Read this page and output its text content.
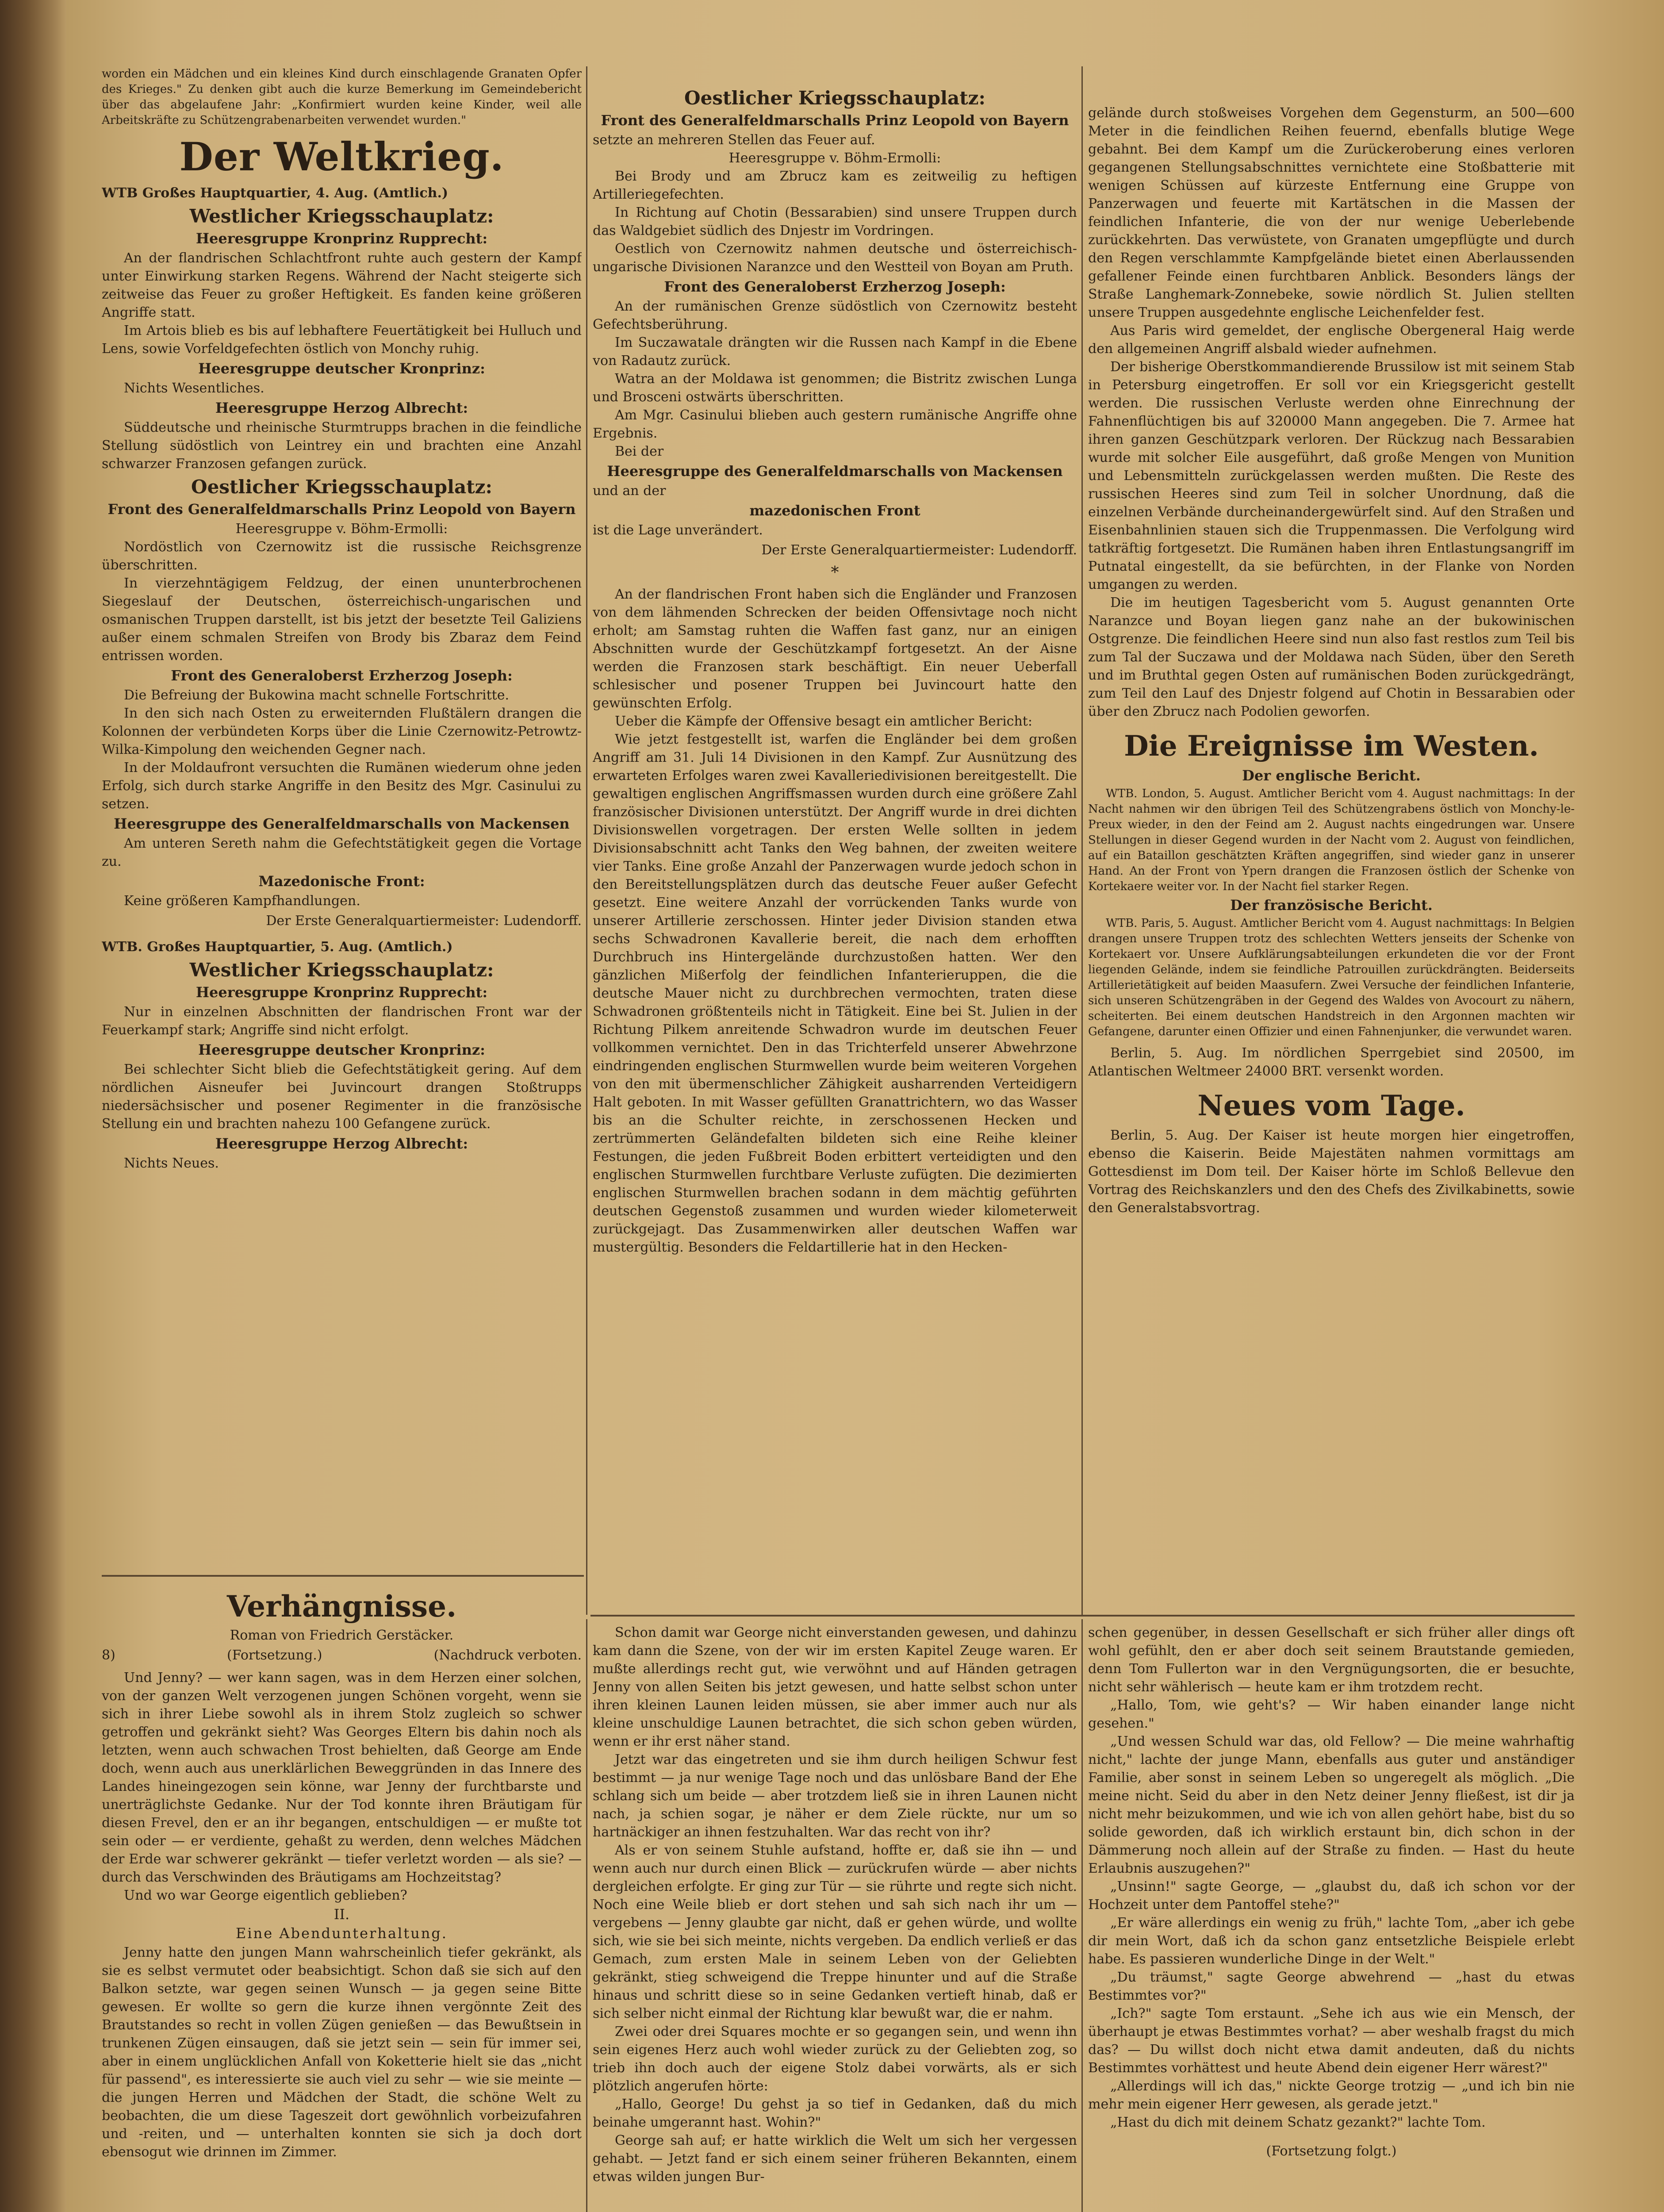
worden ein Mädchen und ein kleines Kind durch einschlagende Granaten Opfer des Krieges." Zu denken gibt auch die kurze Bemerkung im Gemeindebericht über das abgelaufene Jahr: „Konfirmiert wurden keine Kinder, weil alle Arbeitskräfte zu Schützengrabenarbeiten verwendet wurden."
Der Weltkrieg.
WTB Großes Hauptquartier, 4. Aug. (Amtlich.)
Westlicher Kriegsschauplatz:
Heeresgruppe Kronprinz Rupprecht:

An der flandrischen Schlachtfront ruhte auch gestern der Kampf unter Einwirkung starken Regens. Während der Nacht steigerte sich zeitweise das Feuer zu großer Heftigkeit. Es fanden keine größeren Angriffe statt.

Im Artois blieb es bis auf lebhaftere Feuertätigkeit bei Hulluch und Lens, sowie Vorfeldgefechten östlich von Monchy ruhig.

Heeresgruppe deutscher Kronprinz:

Nichts Wesentliches.

Heeresgruppe Herzog Albrecht:

Süddeutsche und rheinische Sturmtrupps brachen in die feindliche Stellung südöstlich von Leintrey ein und brachten eine Anzahl schwarzer Franzosen gefangen zurück.

Oestlicher Kriegsschauplatz:
Front des Generalfeldmarschalls Prinz Leopold von Bayern
Heeresgruppe v. Böhm-Ermolli:

Nordöstlich von Czernowitz ist die russische Reichsgrenze überschritten.

In vierzehntägigem Feldzug, der einen ununterbrochenen Siegeslauf der Deutschen, österreichisch-ungarischen und osmanischen Truppen darstellt, ist bis jetzt der besetzte Teil Galiziens außer einem schmalen Streifen von Brody bis Zbaraz dem Feind entrissen worden.

Front des Generaloberst Erzherzog Joseph:

Die Befreiung der Bukowina macht schnelle Fortschritte.

In den sich nach Osten zu erweiternden Flußtälern drangen die Kolonnen der verbündeten Korps über die Linie Czernowitz-Petrowtz-Wilka-Kimpolung den weichenden Gegner nach.

In der Moldaufront versuchten die Rumänen wiederum ohne jeden Erfolg, sich durch starke Angriffe in den Besitz des Mgr. Casinului zu setzen.

Heeresgruppe des Generalfeldmarschalls von Mackensen

Am unteren Sereth nahm die Gefechtstätigkeit gegen die Vortage zu.

Mazedonische Front:

Keine größeren Kampfhandlungen.

Der Erste Generalquartiermeister: Ludendorff.
WTB. Großes Hauptquartier, 5. Aug. (Amtlich.)
Westlicher Kriegsschauplatz:
Heeresgruppe Kronprinz Rupprecht:

Nur in einzelnen Abschnitten der flandrischen Front war der Feuerkampf stark; Angriffe sind nicht erfolgt.

Heeresgruppe deutscher Kronprinz:

Bei schlechter Sicht blieb die Gefechtstätigkeit gering. Auf dem nördlichen Aisneufer bei Juvincourt drangen Stoßtrupps niedersächsischer und posener Regimenter in die französische Stellung ein und brachten nahezu 100 Gefangene zurück.

Heeresgruppe Herzog Albrecht:

Nichts Neues.

Oestlicher Kriegsschauplatz:
Front des Generalfeldmarschalls Prinz Leopold von Bayern

setzte an mehreren Stellen das Feuer auf.

Heeresgruppe v. Böhm-Ermolli:

Bei Brody und am Zbrucz kam es zeitweilig zu heftigen Artilleriegefechten.

In Richtung auf Chotin (Bessarabien) sind unsere Truppen durch das Waldgebiet südlich des Dnjestr im Vordringen.

Oestlich von Czernowitz nahmen deutsche und österreichisch-ungarische Divisionen Naranzce und den Westteil von Boyan am Pruth.

Front des Generaloberst Erzherzog Joseph:

An der rumänischen Grenze südöstlich von Czernowitz besteht Gefechtsberührung.

Im Suczawatale drängten wir die Russen nach Kampf in die Ebene von Radautz zurück.

Watra an der Moldawa ist genommen; die Bistritz zwischen Lunga und Brosceni ostwärts überschritten.

Am Mgr. Casinului blieben auch gestern rumänische Angriffe ohne Ergebnis.

Bei der

Heeresgruppe des Generalfeldmarschalls von Mackensen

und an der

mazedonischen Front

ist die Lage unverändert.

Der Erste Generalquartiermeister: Ludendorff.
*

An der flandrischen Front haben sich die Engländer und Franzosen von dem lähmenden Schrecken der beiden Offensivtage noch nicht erholt; am Samstag ruhten die Waffen fast ganz, nur an einigen Abschnitten wurde der Geschützkampf fortgesetzt. An der Aisne werden die Franzosen stark beschäftigt. Ein neuer Ueberfall schlesischer und posener Truppen bei Juvincourt hatte den gewünschten Erfolg.

Ueber die Kämpfe der Offensive besagt ein amtlicher Bericht:

Wie jetzt festgestellt ist, warfen die Engländer bei dem großen Angriff am 31. Juli 14 Divisionen in den Kampf. Zur Ausnützung des erwarteten Erfolges waren zwei Kavalleriedivisionen bereitgestellt. Die gewaltigen englischen Angriffsmassen wurden durch eine größere Zahl französischer Divisionen unterstützt. Der Angriff wurde in drei dichten Divisionswellen vorgetragen. Der ersten Welle sollten in jedem Divisionsabschnitt acht Tanks den Weg bahnen, der zweiten weitere vier Tanks. Eine große Anzahl der Panzerwagen wurde jedoch schon in den Bereitstellungsplätzen durch das deutsche Feuer außer Gefecht gesetzt. Eine weitere Anzahl der vorrückenden Tanks wurde von unserer Artillerie zerschossen. Hinter jeder Division standen etwa sechs Schwadronen Kavallerie bereit, die nach dem erhofften Durchbruch ins Hintergelände durchzustoßen hatten. Wer den gänzlichen Mißerfolg der feindlichen Infanterieruppen, die die deutsche Mauer nicht zu durchbrechen vermochten, traten diese Schwadronen größtenteils nicht in Tätigkeit. Eine bei St. Julien in der Richtung Pilkem anreitende Schwadron wurde im deutschen Feuer vollkommen vernichtet. Den in das Trichterfeld unserer Abwehrzone eindringenden englischen Sturmwellen wurde beim weiteren Vorgehen von den mit übermenschlicher Zähigkeit ausharrenden Verteidigern Halt geboten. In mit Wasser gefüllten Granattrichtern, wo das Wasser bis an die Schulter reichte, in zerschossenen Hecken und zertrümmerten Geländefalten bildeten sich eine Reihe kleiner Festungen, die jeden Fußbreit Boden erbittert verteidigten und den englischen Sturmwellen furchtbare Verluste zufügten. Die dezimierten englischen Sturmwellen brachen sodann in dem mächtig geführten deutschen Gegenstoß zusammen und wurden wieder kilometerweit zurückgejagt. Das Zusammenwirken aller deutschen Waffen war mustergültig. Besonders die Feldartillerie hat in den Hecken-

gelände durch stoßweises Vorgehen dem Gegensturm, an 500—600 Meter in die feindlichen Reihen feuernd, ebenfalls blutige Wege gebahnt. Bei dem Kampf um die Zurückeroberung eines verloren gegangenen Stellungsabschnittes vernichtete eine Stoßbatterie mit wenigen Schüssen auf kürzeste Entfernung eine Gruppe von Panzerwagen und feuerte mit Kartätschen in die Massen der feindlichen Infanterie, die von der nur wenige Ueberlebende zurückkehrten. Das verwüstete, von Granaten umgepflügte und durch den Regen verschlammte Kampfgelände bietet einen Aberlaussenden gefallener Feinde einen furchtbaren Anblick. Besonders längs der Straße Langhemark-Zonnebeke, sowie nördlich St. Julien stellten unsere Truppen ausgedehnte englische Leichenfelder fest.

Aus Paris wird gemeldet, der englische Obergeneral Haig werde den allgemeinen Angriff alsbald wieder aufnehmen.

Der bisherige Oberstkommandierende Brussilow ist mit seinem Stab in Petersburg eingetroffen. Er soll vor ein Kriegsgericht gestellt werden. Die russischen Verluste werden ohne Einrechnung der Fahnenflüchtigen bis auf 320000 Mann angegeben. Die 7. Armee hat ihren ganzen Geschützpark verloren. Der Rückzug nach Bessarabien wurde mit solcher Eile ausgeführt, daß große Mengen von Munition und Lebensmitteln zurückgelassen werden mußten. Die Reste des russischen Heeres sind zum Teil in solcher Unordnung, daß die einzelnen Verbände durcheinandergewürfelt sind. Auf den Straßen und Eisenbahnlinien stauen sich die Truppenmassen. Die Verfolgung wird tatkräftig fortgesetzt. Die Rumänen haben ihren Entlastungsangriff im Putnatal eingestellt, da sie befürchten, in der Flanke von Norden umgangen zu werden.

Die im heutigen Tagesbericht vom 5. August genannten Orte Naranzce und Boyan liegen ganz nahe an der bukowinischen Ostgrenze. Die feindlichen Heere sind nun also fast restlos zum Teil bis zum Tal der Suczawa und der Moldawa nach Süden, über den Sereth und im Bruthtal gegen Osten auf rumänischen Boden zurückgedrängt, zum Teil den Lauf des Dnjestr folgend auf Chotin in Bessarabien oder über den Zbrucz nach Podolien geworfen.

Die Ereignisse im Westen.
Der englische Bericht.

WTB. London, 5. August. Amtlicher Bericht vom 4. August nachmittags: In der Nacht nahmen wir den übrigen Teil des Schützengrabens östlich von Monchy-le-Preux wieder, in den der Feind am 2. August nachts eingedrungen war. Unsere Stellungen in dieser Gegend wurden in der Nacht vom 2. August von feindlichen, auf ein Bataillon geschätzten Kräften angegriffen, sind wieder ganz in unserer Hand. An der Front von Ypern drangen die Franzosen östlich der Schenke von Kortekaere weiter vor. In der Nacht fiel starker Regen.

Der französische Bericht.

WTB. Paris, 5. August. Amtlicher Bericht vom 4. August nachmittags: In Belgien drangen unsere Truppen trotz des schlechten Wetters jenseits der Schenke von Kortekaert vor. Unsere Aufklärungsabteilungen erkundeten die vor der Front liegenden Gelände, indem sie feindliche Patrouillen zurückdrängten. Beiderseits Artillerietätigkeit auf beiden Maasufern. Zwei Versuche der feindlichen Infanterie, sich unseren Schützengräben in der Gegend des Waldes von Avocourt zu nähern, scheiterten. Bei einem deutschen Handstreich in den Argonnen machten wir Gefangene, darunter einen Offizier und einen Fahnenjunker, die verwundet waren.

Berlin, 5. Aug. Im nördlichen Sperrgebiet sind 20500, im Atlantischen Weltmeer 24000 BRT. versenkt worden.

Neues vom Tage.

Berlin, 5. Aug. Der Kaiser ist heute morgen hier eingetroffen, ebenso die Kaiserin. Beide Majestäten nahmen vormittags am Gottesdienst im Dom teil. Der Kaiser hörte im Schloß Bellevue den Vortrag des Reichskanzlers und den des Chefs des Zivilkabinetts, sowie den Generalstabsvortrag.

Verhängnisse.
Roman von Friedrich Gerstäcker.
8)	(Fortsetzung.)	(Nachdruck verboten.

Und Jenny? — wer kann sagen, was in dem Herzen einer solchen, von der ganzen Welt verzogenen jungen Schönen vorgeht, wenn sie sich in ihrer Liebe sowohl als in ihrem Stolz zugleich so schwer getroffen und gekränkt sieht? Was Georges Eltern bis dahin noch als letzten, wenn auch schwachen Trost behielten, daß George am Ende doch, wenn auch aus unerklärlichen Beweggründen in das Innere des Landes hineingezogen sein könne, war Jenny der furchtbarste und unerträglichste Gedanke. Nur der Tod konnte ihren Bräutigam für diesen Frevel, den er an ihr begangen, entschuldigen — er mußte tot sein oder — er verdiente, gehaßt zu werden, denn welches Mädchen der Erde war schwerer gekränkt — tiefer verletzt worden — als sie? — durch das Verschwinden des Bräutigams am Hochzeitstag?

Und wo war George eigentlich geblieben?

II.
Eine Abendunterhaltung.

Jenny hatte den jungen Mann wahrscheinlich tiefer gekränkt, als sie es selbst vermutet oder beabsichtigt. Schon daß sie sich auf den Balkon setzte, war gegen seinen Wunsch — ja gegen seine Bitte gewesen. Er wollte so gern die kurze ihnen vergönnte Zeit des Brautstandes so recht in vollen Zügen genießen — das Bewußtsein in trunkenen Zügen einsaugen, daß sie jetzt sein — sein für immer sei, aber in einem unglücklichen Anfall von Koketterie hielt sie das „nicht für passend", es interessierte sie auch viel zu sehr — wie sie meinte — die jungen Herren und Mädchen der Stadt, die schöne Welt zu beobachten, die um diese Tageszeit dort gewöhnlich vorbeizufahren und -reiten, und — unterhalten konnten sie sich ja doch dort ebensogut wie drinnen im Zimmer.

Schon damit war George nicht einverstanden gewesen, und dahinzu kam dann die Szene, von der wir im ersten Kapitel Zeuge waren. Er mußte allerdings recht gut, wie verwöhnt und auf Händen getragen Jenny von allen Seiten bis jetzt gewesen, und hatte selbst schon unter ihren kleinen Launen leiden müssen, sie aber immer auch nur als kleine unschuldige Launen betrachtet, die sich schon geben würden, wenn er ihr erst näher stand.

Jetzt war das eingetreten und sie ihm durch heiligen Schwur fest bestimmt — ja nur wenige Tage noch und das unlösbare Band der Ehe schlang sich um beide — aber trotzdem ließ sie in ihren Launen nicht nach, ja schien sogar, je näher er dem Ziele rückte, nur um so hartnäckiger an ihnen festzuhalten. War das recht von ihr?

Als er von seinem Stuhle aufstand, hoffte er, daß sie ihn — und wenn auch nur durch einen Blick — zurückrufen würde — aber nichts dergleichen erfolgte. Er ging zur Tür — sie rührte und regte sich nicht. Noch eine Weile blieb er dort stehen und sah sich nach ihr um — vergebens — Jenny glaubte gar nicht, daß er gehen würde, und wollte sich, wie sie bei sich meinte, nichts vergeben. Da endlich verließ er das Gemach, zum ersten Male in seinem Leben von der Geliebten gekränkt, stieg schweigend die Treppe hinunter und auf die Straße hinaus und schritt diese so in seine Gedanken vertieft hinab, daß er sich selber nicht einmal der Richtung klar bewußt war, die er nahm.

Zwei oder drei Squares mochte er so gegangen sein, und wenn ihn sein eigenes Herz auch wohl wieder zurück zu der Geliebten zog, so trieb ihn doch auch der eigene Stolz dabei vorwärts, als er sich plötzlich angerufen hörte:

„Hallo, George! Du gehst ja so tief in Gedanken, daß du mich beinahe umgerannt hast. Wohin?"

George sah auf; er hatte wirklich die Welt um sich her vergessen gehabt. — Jetzt fand er sich einem seiner früheren Bekannten, einem etwas wilden jungen Bur-

schen gegenüber, in dessen Gesellschaft er sich früher aller dings oft wohl gefühlt, den er aber doch seit seinem Brautstande gemieden, denn Tom Fullerton war in den Vergnügungsorten, die er besuchte, nicht sehr wählerisch — heute kam er ihm trotzdem recht.

„Hallo, Tom, wie geht's? — Wir haben einander lange nicht gesehen."

„Und wessen Schuld war das, old Fellow? — Die meine wahrhaftig nicht," lachte der junge Mann, ebenfalls aus guter und anständiger Familie, aber sonst in seinem Leben so ungeregelt als möglich. „Die meine nicht. Seid du aber in den Netz deiner Jenny fließest, ist dir ja nicht mehr beizukommen, und wie ich von allen gehört habe, bist du so solide geworden, daß ich wirklich erstaunt bin, dich schon in der Dämmerung noch allein auf der Straße zu finden. — Hast du heute Erlaubnis auszugehen?"

„Unsinn!" sagte George, — „glaubst du, daß ich schon vor der Hochzeit unter dem Pantoffel stehe?"

„Er wäre allerdings ein wenig zu früh," lachte Tom, „aber ich gebe dir mein Wort, daß ich da schon ganz entsetzliche Beispiele erlebt habe. Es passieren wunderliche Dinge in der Welt."

„Du träumst," sagte George abwehrend — „hast du etwas Bestimmtes vor?"

„Ich?" sagte Tom erstaunt. „Sehe ich aus wie ein Mensch, der überhaupt je etwas Bestimmtes vorhat? — aber weshalb fragst du mich das? — Du willst doch nicht etwa damit andeuten, daß du nichts Bestimmtes vorhättest und heute Abend dein eigener Herr wärest?"

„Allerdings will ich das," nickte George trotzig — „und ich bin nie mehr mein eigener Herr gewesen, als gerade jetzt."

„Hast du dich mit deinem Schatz gezankt?" lachte Tom.

(Fortsetzung folgt.)
